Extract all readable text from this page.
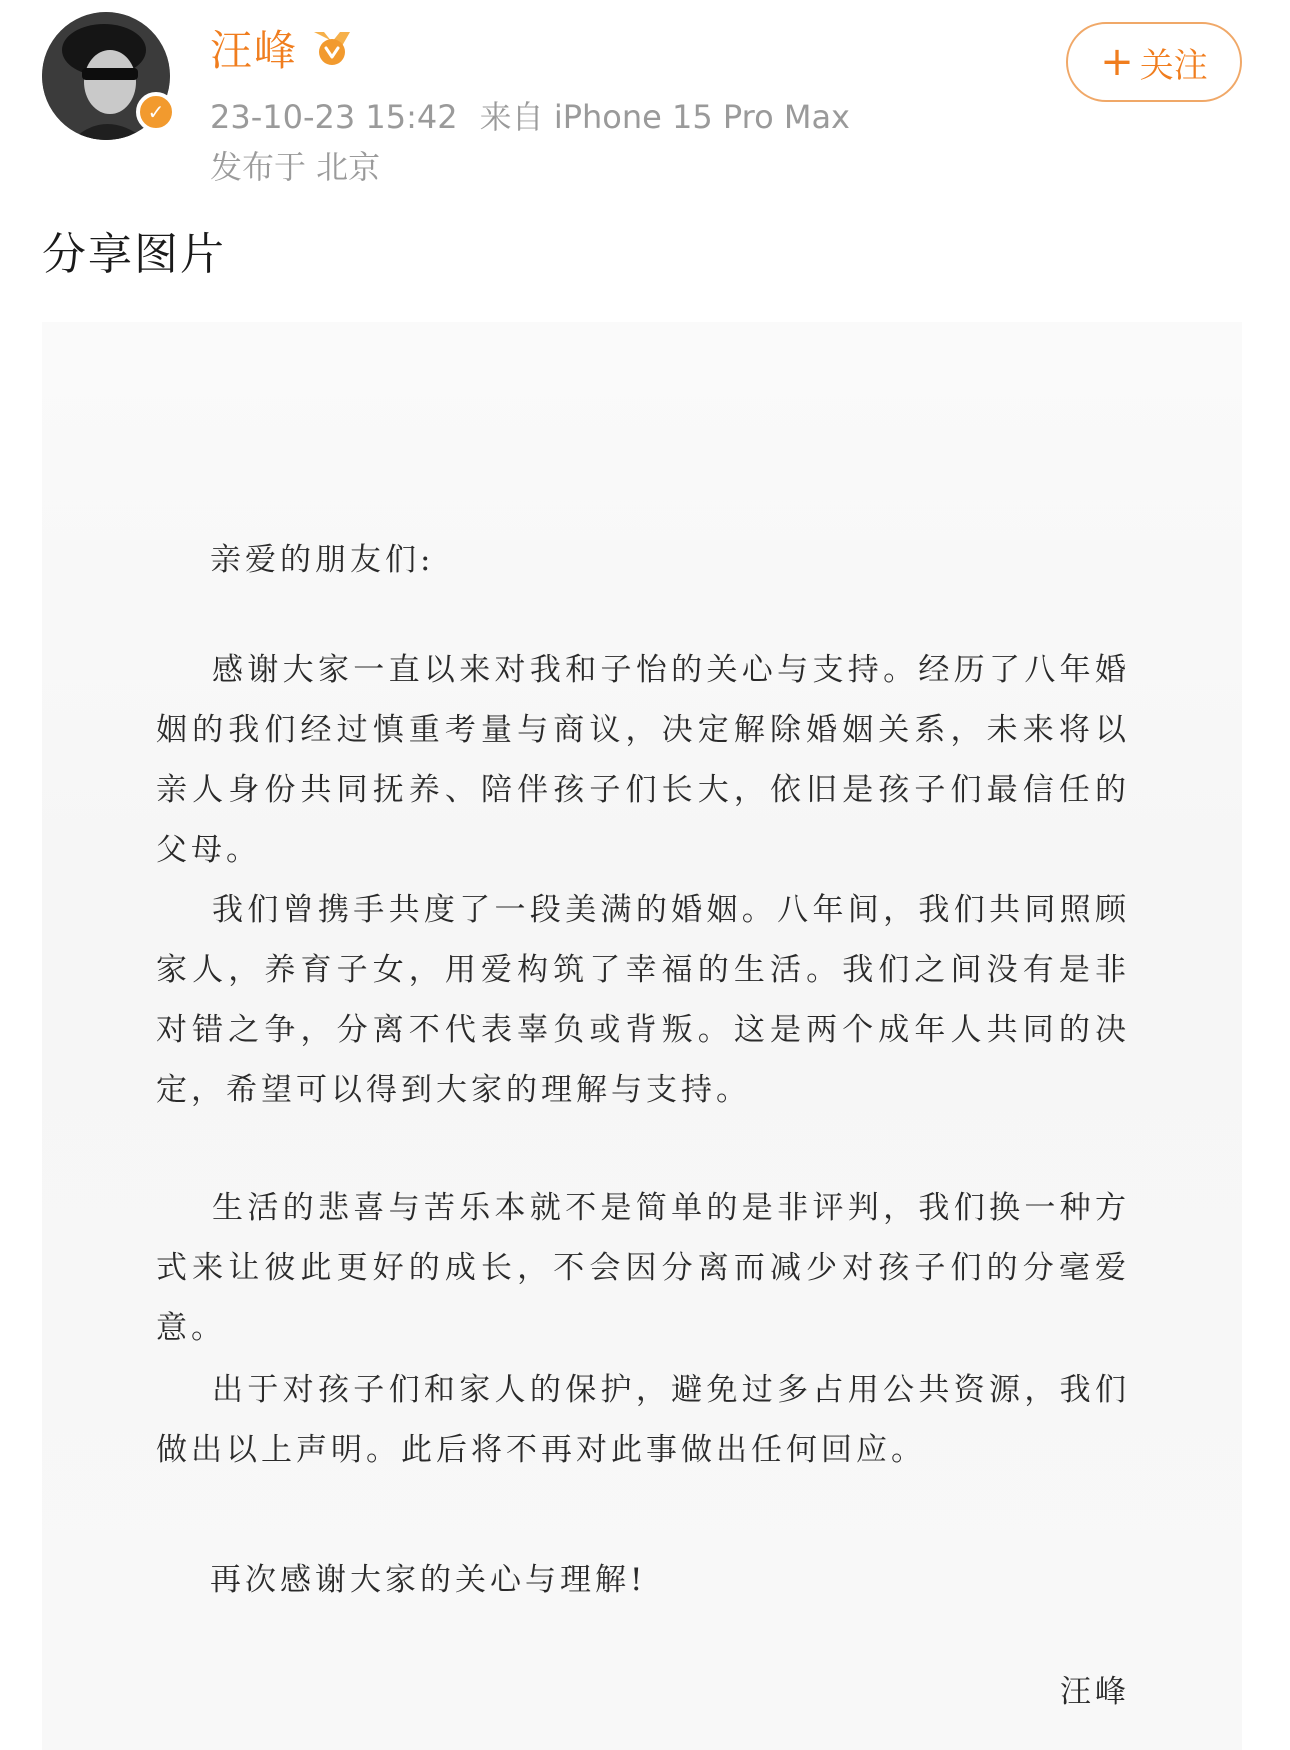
✓
汪峰
23-10-23 15:42 来自 iPhone 15 Pro Max
发布于 北京
+ 关注
分享图片
亲爱的朋友们:
感谢大家一直以来对我和子怡的关心与支持。经历了八年婚姻的我们经过慎重考量与商议，决定解除婚姻关系，未来将以亲人身份共同抚养、陪伴孩子们长大，依旧是孩子们最信任的父母。
我们曾携手共度了一段美满的婚姻。八年间，我们共同照顾家人，养育子女，用爱构筑了幸福的生活。我们之间没有是非对错之争，分离不代表辜负或背叛。这是两个成年人共同的决定，希望可以得到大家的理解与支持。
生活的悲喜与苦乐本就不是简单的是非评判，我们换一种方式来让彼此更好的成长，不会因分离而减少对孩子们的分毫爱意。
出于对孩子们和家人的保护，避免过多占用公共资源，我们做出以上声明。此后将不再对此事做出任何回应。
再次感谢大家的关心与理解!
汪峰
